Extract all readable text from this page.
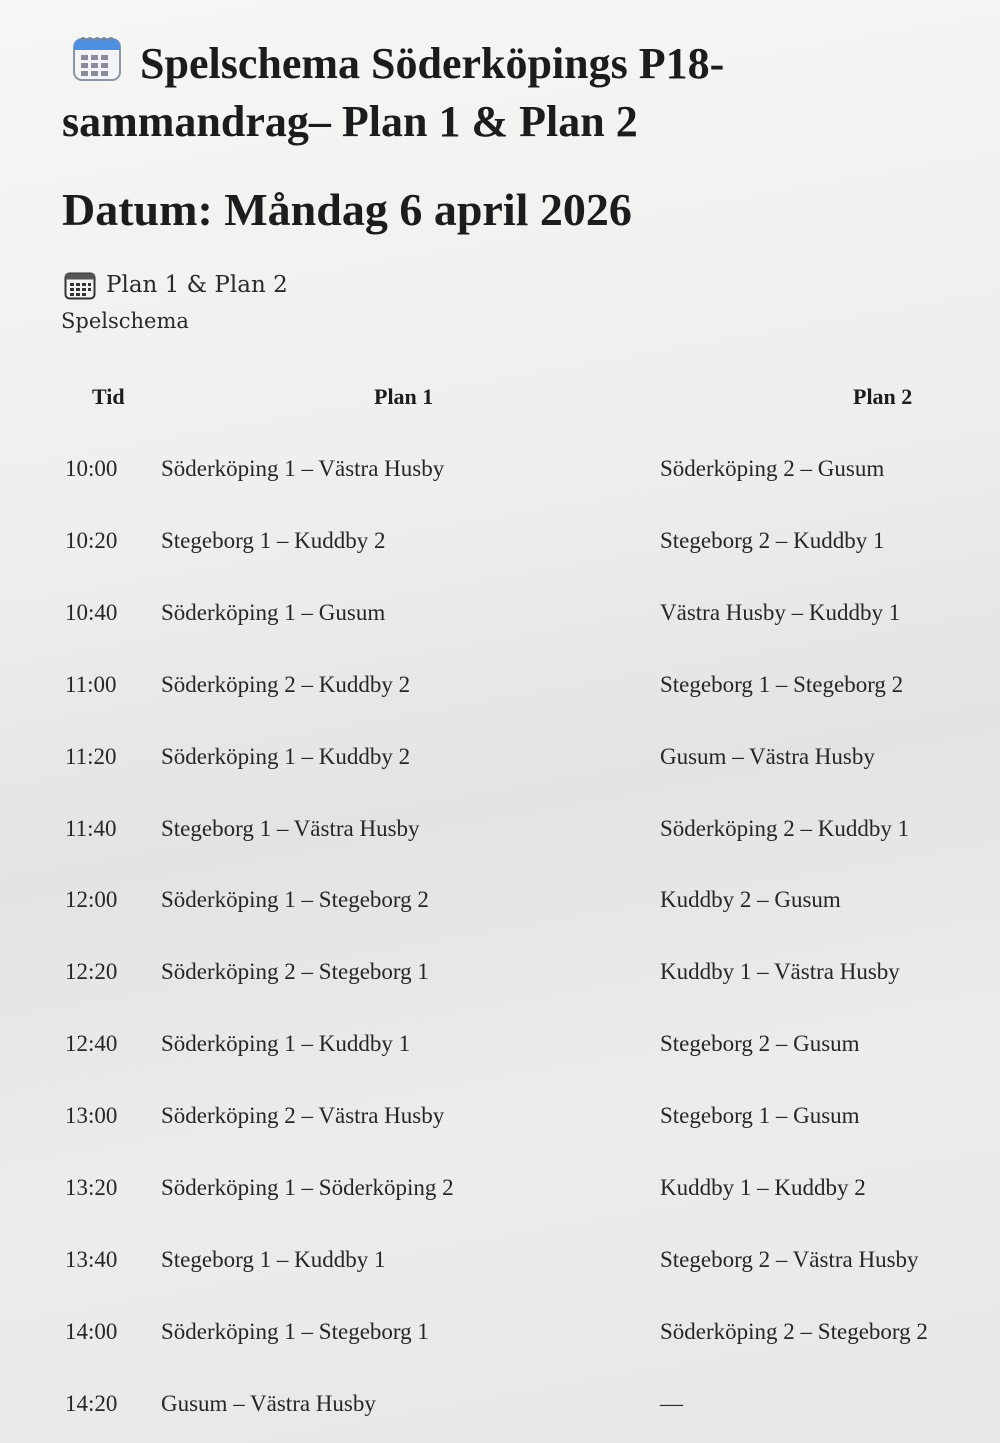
Spelschema Söderköpings P18-sammandrag– Plan 1 & Plan 2
Datum: Måndag 6 april 2026
Plan 1 & Plan 2
Spelschema
Tid	Plan 1	Plan 2
10:00 Söderköping 1 – Västra Husby	Söderköping 2 – Gusum
10:20 Stegeborg 1 – Kuddby 2	Stegeborg 2 – Kuddby 1
10:40 Söderköping 1 – Gusum	Västra Husby – Kuddby 1
11:00 Söderköping 2 – Kuddby 2	Stegeborg 1 – Stegeborg 2
11:20 Söderköping 1 – Kuddby 2	Gusum – Västra Husby
11:40 Stegeborg 1 – Västra Husby	Söderköping 2 – Kuddby 1
12:00 Söderköping 1 – Stegeborg 2	Kuddby 2 – Gusum
12:20 Söderköping 2 – Stegeborg 1	Kuddby 1 – Västra Husby
12:40 Söderköping 1 – Kuddby 1	Stegeborg 2 – Gusum
13:00 Söderköping 2 – Västra Husby	Stegeborg 1 – Gusum
13:20 Söderköping 1 – Söderköping 2	Kuddby 1 – Kuddby 2
13:40 Stegeborg 1 – Kuddby 1	Stegeborg 2 – Västra Husby
14:00 Söderköping 1 – Stegeborg 1	Söderköping 2 – Stegeborg 2
14:20 Gusum – Västra Husby	—
